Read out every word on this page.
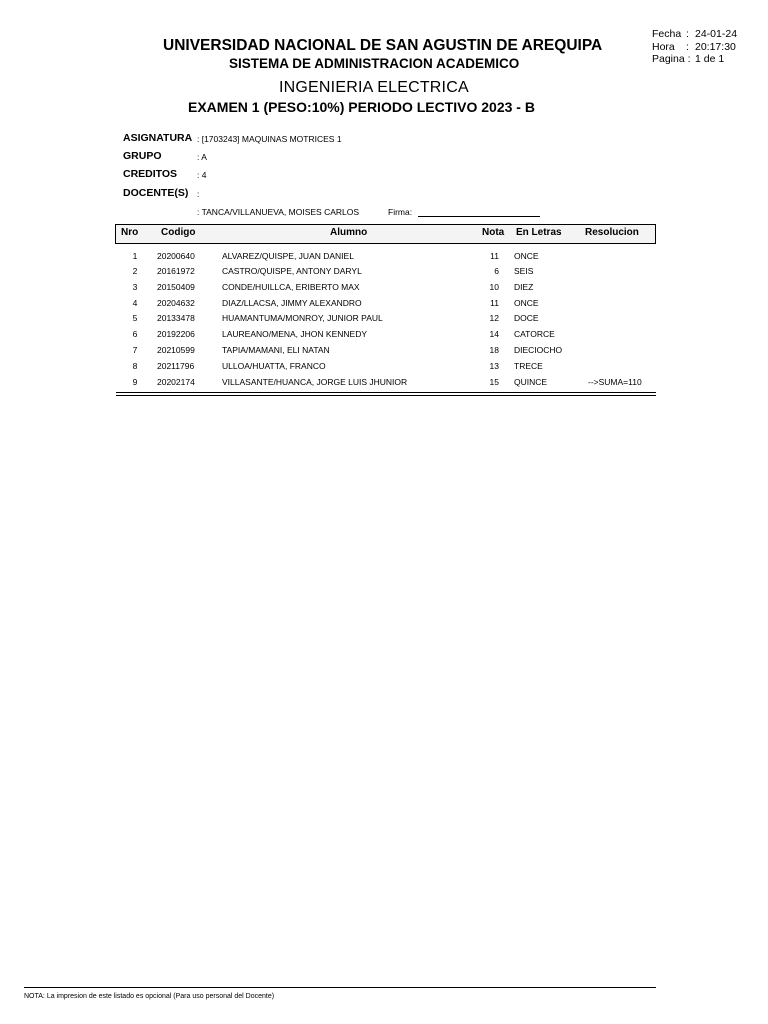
UNIVERSIDAD NACIONAL DE SAN AGUSTIN DE AREQUIPA
SISTEMA DE ADMINISTRACION ACADEMICO
INGENIERIA ELECTRICA
EXAMEN 1 (PESO:10%) PERIODO LECTIVO 2023 - B
Fecha : 24-01-24
Hora : 20:17:30
Pagina : 1 de 1
ASIGNATURA : [1703243] MAQUINAS MOTRICES 1
GRUPO	: A
CREDITOS : 4
DOCENTE(S) :
: TANCA/VILLANUEVA, MOISES CARLOS	Firma:
Nro Codigo	Alumno	Nota En Letras Resolucion
1	20200640	ALVAREZ/QUISPE, JUAN DANIEL	11 ONCE
2	20161972	CASTRO/QUISPE, ANTONY DARYL	6 SEIS
3	20150409	CONDE/HUILLCA, ERIBERTO MAX	10 DIEZ
4	20204632	DIAZ/LLACSA, JIMMY ALEXANDRO	11 ONCE
5	20133478	HUAMANTUMA/MONROY, JUNIOR PAUL	12 DOCE
6	20192206	LAUREANO/MENA, JHON KENNEDY	14 CATORCE
7	20210599	TAPIA/MAMANI, ELI NATAN	18 DIECIOCHO
8	20211796	ULLOA/HUATTA, FRANCO	13 TRECE
9	20202174	VILLASANTE/HUANCA, JORGE LUIS JHUNIOR	15 QUINCE	-->SUMA=110
NOTA: La impresion de este listado es opcional (Para uso personal del Docente)
